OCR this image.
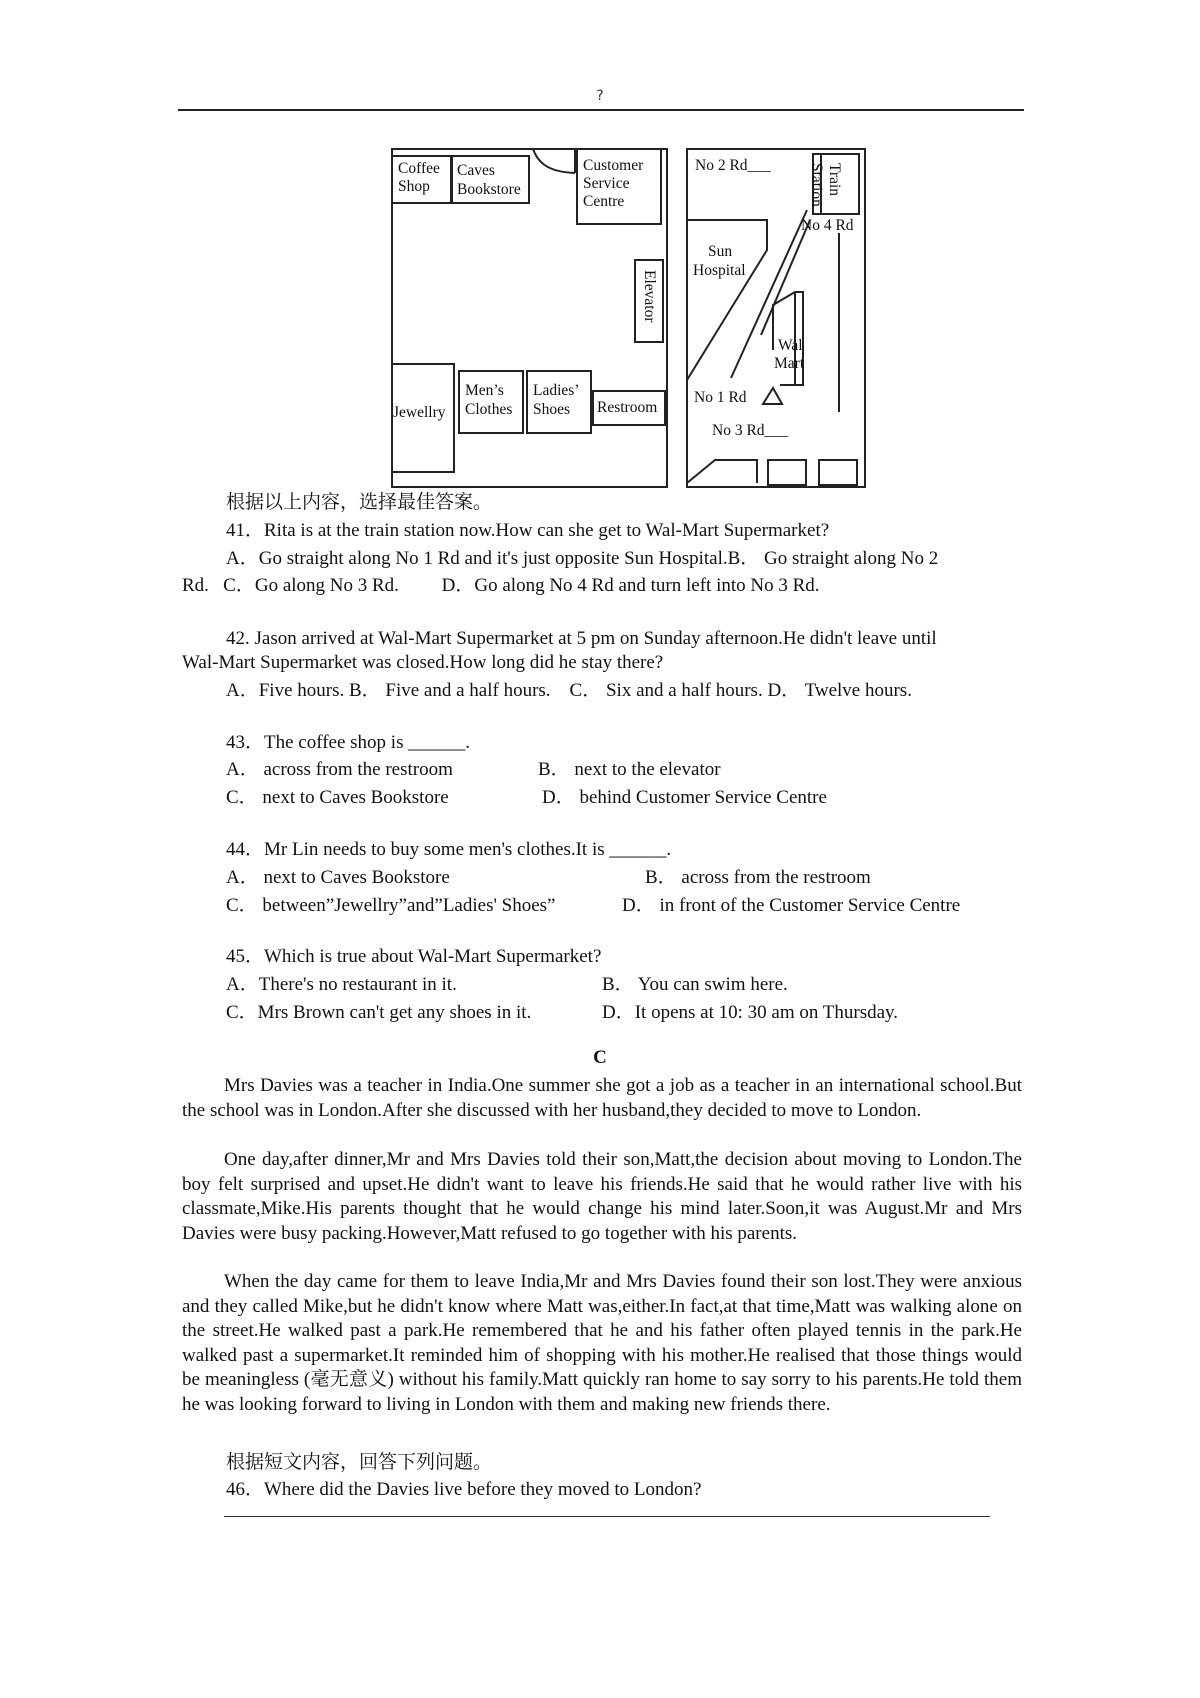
?
Coffee
Shop
Caves
Bookstore
Customer
Service
Centre
Elevator
Jewellry
Men’s
Clothes
Ladies’
Shoes Restroom
No 2 Rd___	Train
Station
No 4 Rd
Sun
Hospital
Wal
Mart
No 1 Rd
No 3 Rd___
根据以上内容，选择最佳答案。
41．Rita is at the train station now.How can she get to Wal-Mart Supermarket?
A．Go straight along No 1 Rd and it's just opposite Sun Hospital.B． Go straight along No 2
Rd.   C．Go along No 3 Rd.         D．Go along No 4 Rd and turn left into No 3 Rd.
42. Jason arrived at Wal-Mart Supermarket at 5 pm on Sunday afternoon.He didn't leave until
Wal-Mart Supermarket was closed.How long did he stay there?
A．Five hours. B． Five and a half hours.    C． Six and a half hours. D． Twelve hours.
43．The coffee shop is ______.
A． across from the restroom	B． next to the elevator
C． next to Caves Bookstore	D． behind Customer Service Centre
44．Mr Lin needs to buy some men's clothes.It is ______.
A． next to Caves Bookstore	B． across from the restroom
C． between”Jewellry”and”Ladies' Shoes”	D． in front of the Customer Service Centre
45．Which is true about Wal-Mart Supermarket?
A．There's no restaurant in it.	B． You can swim here.
C．Mrs Brown can't get any shoes in it.	D．It opens at 10: 30 am on Thursday.
C
Mrs Davies was a teacher in India.One summer she got a job as a teacher in an international school.But the school was in London.After she discussed with her husband,they decided to move to London.
One day,after dinner,Mr and Mrs Davies told their son,Matt,the decision about moving to London.The boy felt surprised and upset.He didn't want to leave his friends.He said that he would rather live with his classmate,Mike.His parents thought that he would change his mind later.Soon,it was August.Mr and Mrs Davies were busy packing.However,Matt refused to go together with his parents.
When the day came for them to leave India,Mr and Mrs Davies found their son lost.They were anxious and they called Mike,but he didn't know where Matt was,either.In fact,at that time,Matt was walking alone on the street.He walked past a park.He remembered that he and his father often played tennis in the park.He walked past a supermarket.It reminded him of shopping with his mother.He realised that those things would be meaningless (毫无意义) without his family.Matt quickly ran home to say sorry to his parents.He told them he was looking forward to living in London with them and making new friends there.
根据短文内容，回答下列问题。
46．Where did the Davies live before they moved to London?
